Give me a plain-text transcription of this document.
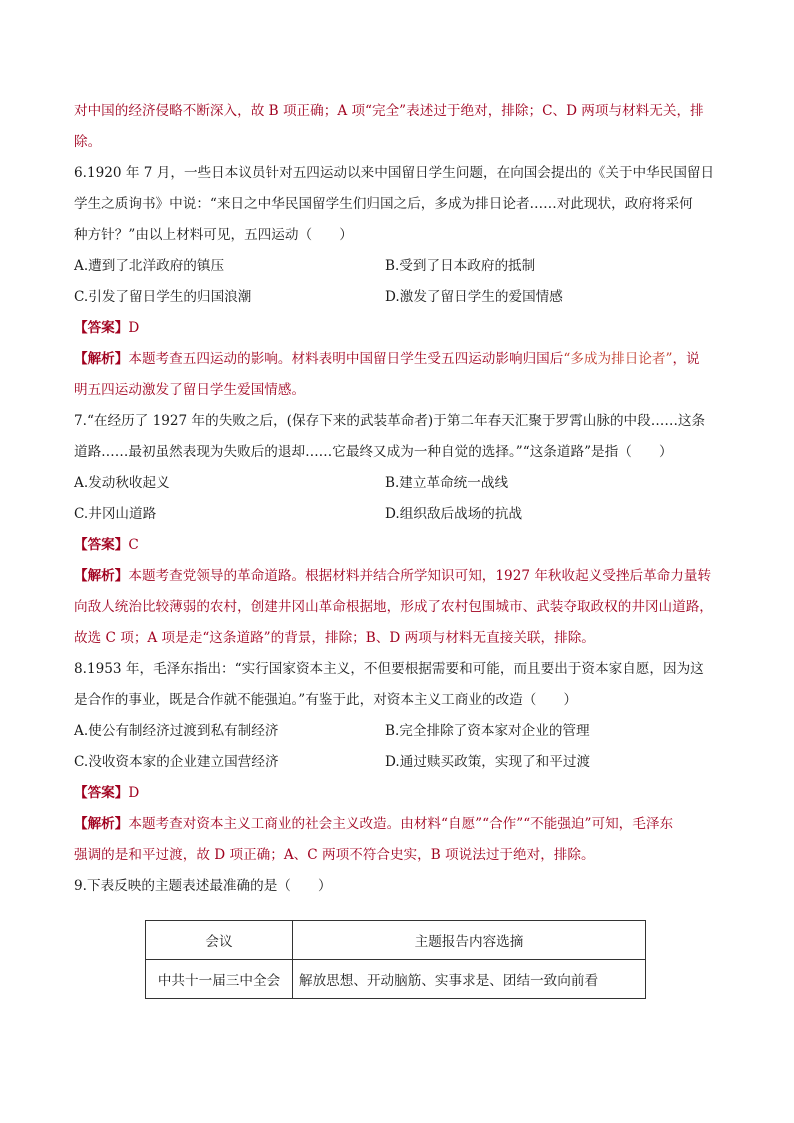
对中国的经济侵略不断深入，故 B 项正确；A 项“完全”表述过于绝对，排除；C、D 两项与材料无关，排

除。

6.1920 年 7 月，一些日本议员针对五四运动以来中国留日学生问题，在向国会提出的《关于中华民国留日

学生之质询书》中说：“来日之中华民国留学生们归国之后，多成为排日论者……对此现状，政府将采何

种方针？”由以上材料可见，五四运动（　　）

A.遭到了北洋政府的镇压	B.受到了日本政府的抵制
C.引发了留日学生的归国浪潮	D.激发了留日学生的爱国情感

【答案】D

【解析】本题考查五四运动的影响。材料表明中国留日学生受五四运动影响归国后“多成为排日论者”，说

明五四运动激发了留日学生爱国情感。

7.“在经历了 1927 年的失败之后，(保存下来的武装革命者)于第二年春天汇聚于罗霄山脉的中段……这条

道路……最初虽然表现为失败后的退却……它最终又成为一种自觉的选择。”“这条道路”是指（　　）

A.发动秋收起义	B.建立革命统一战线
C.井冈山道路	D.组织敌后战场的抗战

【答案】C

【解析】本题考查党领导的革命道路。根据材料并结合所学知识可知，1927 年秋收起义受挫后革命力量转

向敌人统治比较薄弱的农村，创建井冈山革命根据地，形成了农村包围城市、武装夺取政权的井冈山道路，

故选 C 项；A 项是走“这条道路”的背景，排除；B、D 两项与材料无直接关联，排除。

8.1953 年，毛泽东指出：“实行国家资本主义，不但要根据需要和可能，而且要出于资本家自愿，因为这

是合作的事业，既是合作就不能强迫。”有鉴于此，对资本主义工商业的改造（　　）

A.使公有制经济过渡到私有制经济	B.完全排除了资本家对企业的管理
C.没收资本家的企业建立国营经济	D.通过赎买政策，实现了和平过渡

【答案】D

【解析】本题考查对资本主义工商业的社会主义改造。由材料“自愿”“合作”“不能强迫”可知，毛泽东

强调的是和平过渡，故 D 项正确；A、C 两项不符合史实，B 项说法过于绝对，排除。

9.下表反映的主题表述最准确的是（　　）

会议	主题报告内容选摘
中共十一届三中全会	解放思想、开动脑筋、实事求是、团结一致向前看
